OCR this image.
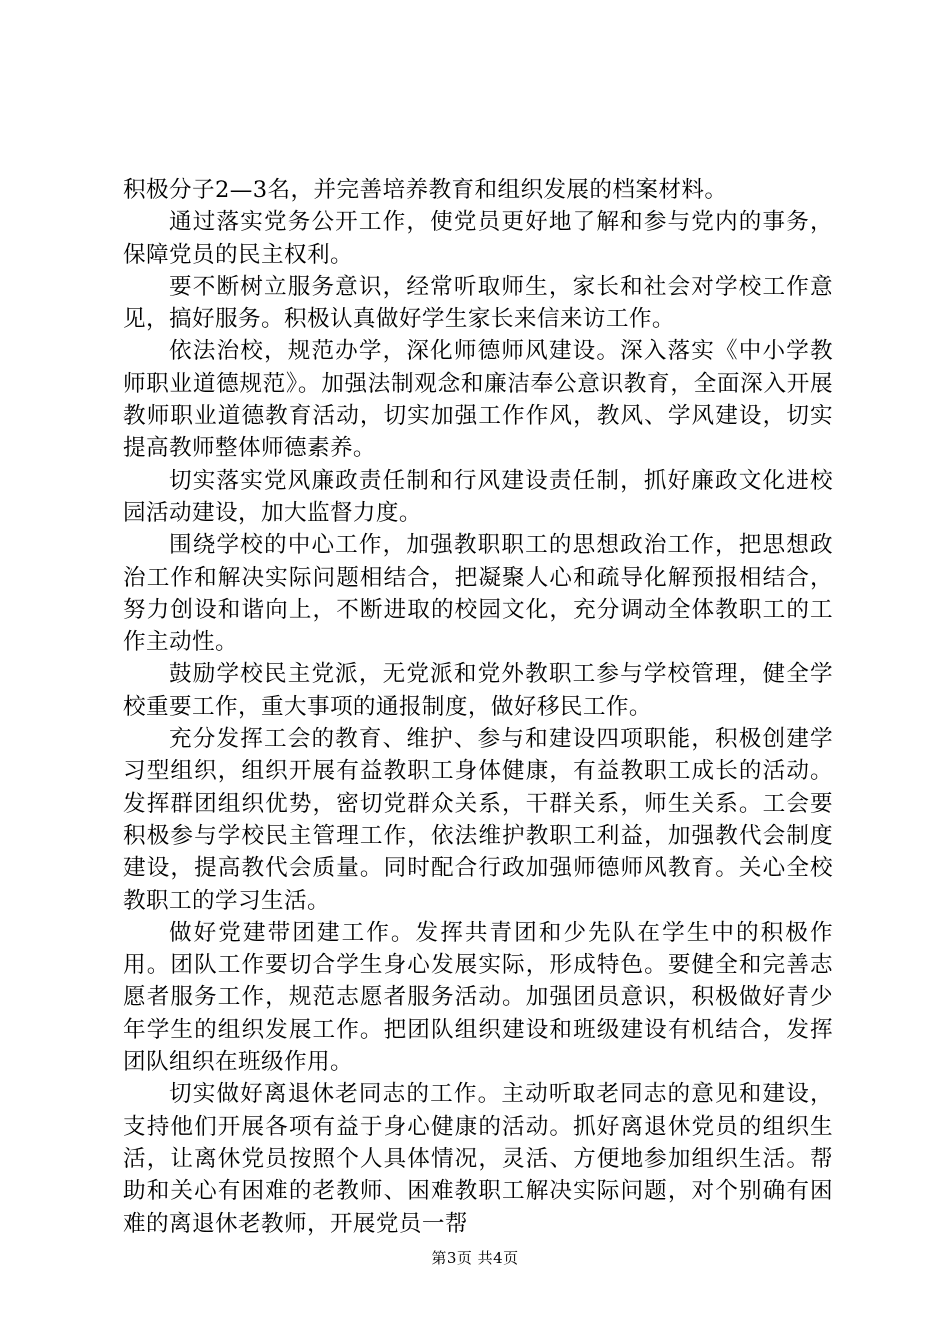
积极分子2—3名，并完善培养教育和组织发展的档案材料。

通过落实党务公开工作，使党员更好地了解和参与党内的事务，保障党员的民主权利。

要不断树立服务意识，经常听取师生，家长和社会对学校工作意见，搞好服务。积极认真做好学生家长来信来访工作。

依法治校，规范办学，深化师德师风建设。深入落实《中小学教师职业道德规范》。加强法制观念和廉洁奉公意识教育，全面深入开展教师职业道德教育活动，切实加强工作作风，教风、学风建设，切实提高教师整体师德素养。

切实落实党风廉政责任制和行风建设责任制，抓好廉政文化进校园活动建设，加大监督力度。

围绕学校的中心工作，加强教职职工的思想政治工作，把思想政治工作和解决实际问题相结合，把凝聚人心和疏导化解预报相结合，努力创设和谐向上，不断进取的校园文化，充分调动全体教职工的工作主动性。

鼓励学校民主党派，无党派和党外教职工参与学校管理，健全学校重要工作，重大事项的通报制度，做好移民工作。

充分发挥工会的教育、维护、参与和建设四项职能，积极创建学习型组织，组织开展有益教职工身体健康，有益教职工成长的活动。发挥群团组织优势，密切党群众关系，干群关系，师生关系。工会要积极参与学校民主管理工作，依法维护教职工利益，加强教代会制度建设，提高教代会质量。同时配合行政加强师德师风教育。关心全校教职工的学习生活。

做好党建带团建工作。发挥共青团和少先队在学生中的积极作用。团队工作要切合学生身心发展实际，形成特色。要健全和完善志愿者服务工作，规范志愿者服务活动。加强团员意识，积极做好青少年学生的组织发展工作。把团队组织建设和班级建设有机结合，发挥团队组织在班级作用。

切实做好离退休老同志的工作。主动听取老同志的意见和建设，支持他们开展各项有益于身心健康的活动。抓好离退休党员的组织生活，让离休党员按照个人具体情况，灵活、方便地参加组织生活。帮助和关心有困难的老教师、困难教职工解决实际问题，对个别确有困难的离退休老教师，开展党员一帮

第3页 共4页
